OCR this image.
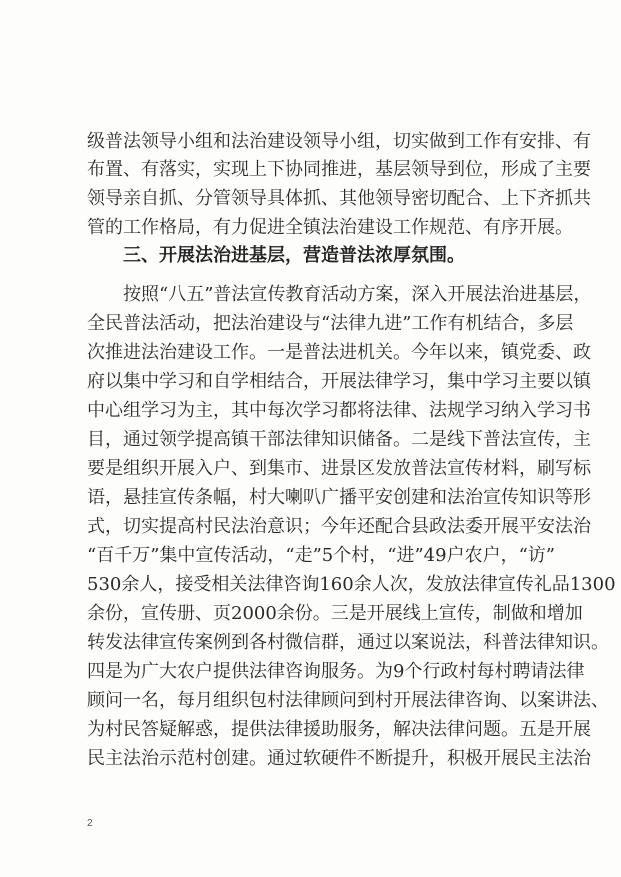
级普法领导小组和法治建设领导小组，切实做到工作有安排、有
布置、有落实，实现上下协同推进，基层领导到位，形成了主要
领导亲自抓、分管领导具体抓、其他领导密切配合、上下齐抓共
管的工作格局，有力促进全镇法治建设工作规范、有序开展。
三、开展法治进基层，营造普法浓厚氛围。
按照“八五”普法宣传教育活动方案，深入开展法治进基层，
全民普法活动，把法治建设与“法律九进”工作有机结合，多层
次推进法治建设工作。一是普法进机关。今年以来，镇党委、政
府以集中学习和自学相结合，开展法律学习，集中学习主要以镇
中心组学习为主，其中每次学习都将法律、法规学习纳入学习书
目，通过领学提高镇干部法律知识储备。二是线下普法宣传，主
要是组织开展入户、到集市、进景区发放普法宣传材料，刷写标
语，悬挂宣传条幅，村大喇叭广播平安创建和法治宣传知识等形
式，切实提高村民法治意识；今年还配合县政法委开展平安法治
“百千万”集中宣传活动，“走”5个村，“进”49户农户，“访”
530余人，接受相关法律咨询160余人次，发放法律宣传礼品1300
余份，宣传册、页2000余份。三是开展线上宣传，制做和增加
转发法律宣传案例到各村微信群，通过以案说法，科普法律知识。
四是为广大农户提供法律咨询服务。为9个行政村每村聘请法律
顾问一名，每月组织包村法律顾问到村开展法律咨询、以案讲法、
为村民答疑解惑，提供法律援助服务，解决法律问题。五是开展
民主法治示范村创建。通过软硬件不断提升，积极开展民主法治
2
